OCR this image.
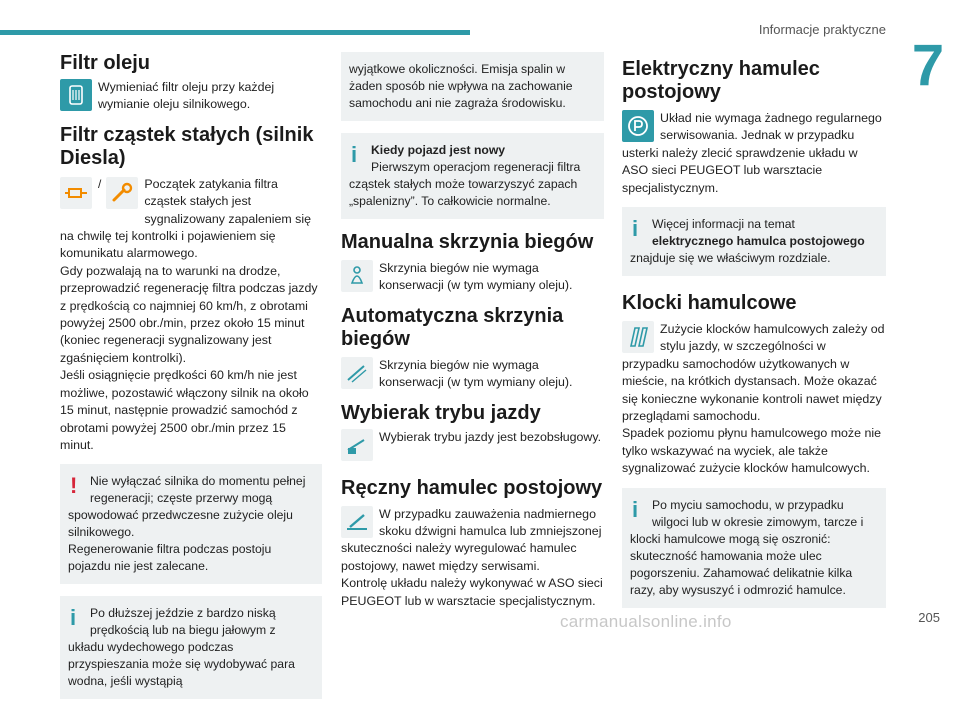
Informacje praktyczne
7
Filtr oleju

Wymieniać filtr oleju przy każdej wymianie oleju silnikowego.

Filtr cząstek stałych (silnik Diesla)
/	Początek zatykania filtra cząstek stałych jest sygnalizowany zapaleniem się na chwilę tej kontrolki i pojawieniem się komunikatu alarmowego.

Gdy pozwalają na to warunki na drodze, przeprowadzić regenerację filtra podczas jazdy z prędkością co najmniej 60 km/h, z obrotami powyżej 2500 obr./min, przez około 15 minut (koniec regeneracji sygnalizowany jest zgaśnięciem kontrolki).

Jeśli osiągnięcie prędkości 60 km/h nie jest możliwe, pozostawić włączony silnik na około 15 minut, następnie prowadzić samochód z obrotami powyżej 2500 obr./min przez 15 minut.

!	Nie wyłączać silnika do momentu pełnej regeneracji; częste przerwy mogą spowodować przedwczesne zużycie oleju silnikowego.

Regenerowanie filtra podczas postoju pojazdu nie jest zalecane.

i	Po dłuższej jeździe z bardzo niską prędkością lub na biegu jałowym z układu wydechowego podczas przyspieszania może się wydobywać para wodna, jeśli wystąpią

wyjątkowe okoliczności. Emisja spalin w żaden sposób nie wpływa na zachowanie samochodu ani nie zagraża środowisku.

i	Kiedy pojazd jest nowy

Pierwszym operacjom regeneracji filtra cząstek stałych może towarzyszyć zapach „spalenizny”. To całkowicie normalne.

Manualna skrzynia biegów

Skrzynia biegów nie wymaga konserwacji (w tym wymiany oleju).

Automatyczna skrzynia biegów

Skrzynia biegów nie wymaga konserwacji (w tym wymiany oleju).

Wybierak trybu jazdy

Wybierak trybu jazdy jest bezobsługowy.

Ręczny hamulec postojowy

W przypadku zauważenia nadmiernego skoku dźwigni hamulca lub zmniejszonej skuteczności należy wyregulować hamulec postojowy, nawet między serwisami.

Kontrolę układu należy wykonywać w ASO sieci PEUGEOT lub w warsztacie specjalistycznym.

Elektryczny hamulec postojowy

Układ nie wymaga żadnego regularnego serwisowania. Jednak w przypadku usterki należy zlecić sprawdzenie układu w ASO sieci PEUGEOT lub warsztacie specjalistycznym.

i	Więcej informacji na temat elektrycznego hamulca postojowego znajduje się we właściwym rozdziale.

Klocki hamulcowe

Zużycie klocków hamulcowych zależy od stylu jazdy, w szczególności w przypadku samochodów użytkowanych w mieście, na krótkich dystansach. Może okazać się konieczne wykonanie kontroli nawet między przeglądami samochodu.

Spadek poziomu płynu hamulcowego może nie tylko wskazywać na wyciek, ale także sygnalizować zużycie klocków hamulcowych.

i	Po myciu samochodu, w przypadku wilgoci lub w okresie zimowym, tarcze i klocki hamulcowe mogą się oszronić: skuteczność hamowania może ulec pogorszeniu. Zahamować delikatnie kilka razy, aby wysuszyć i odmrozić hamulce.

carmanualsonline.info	205
